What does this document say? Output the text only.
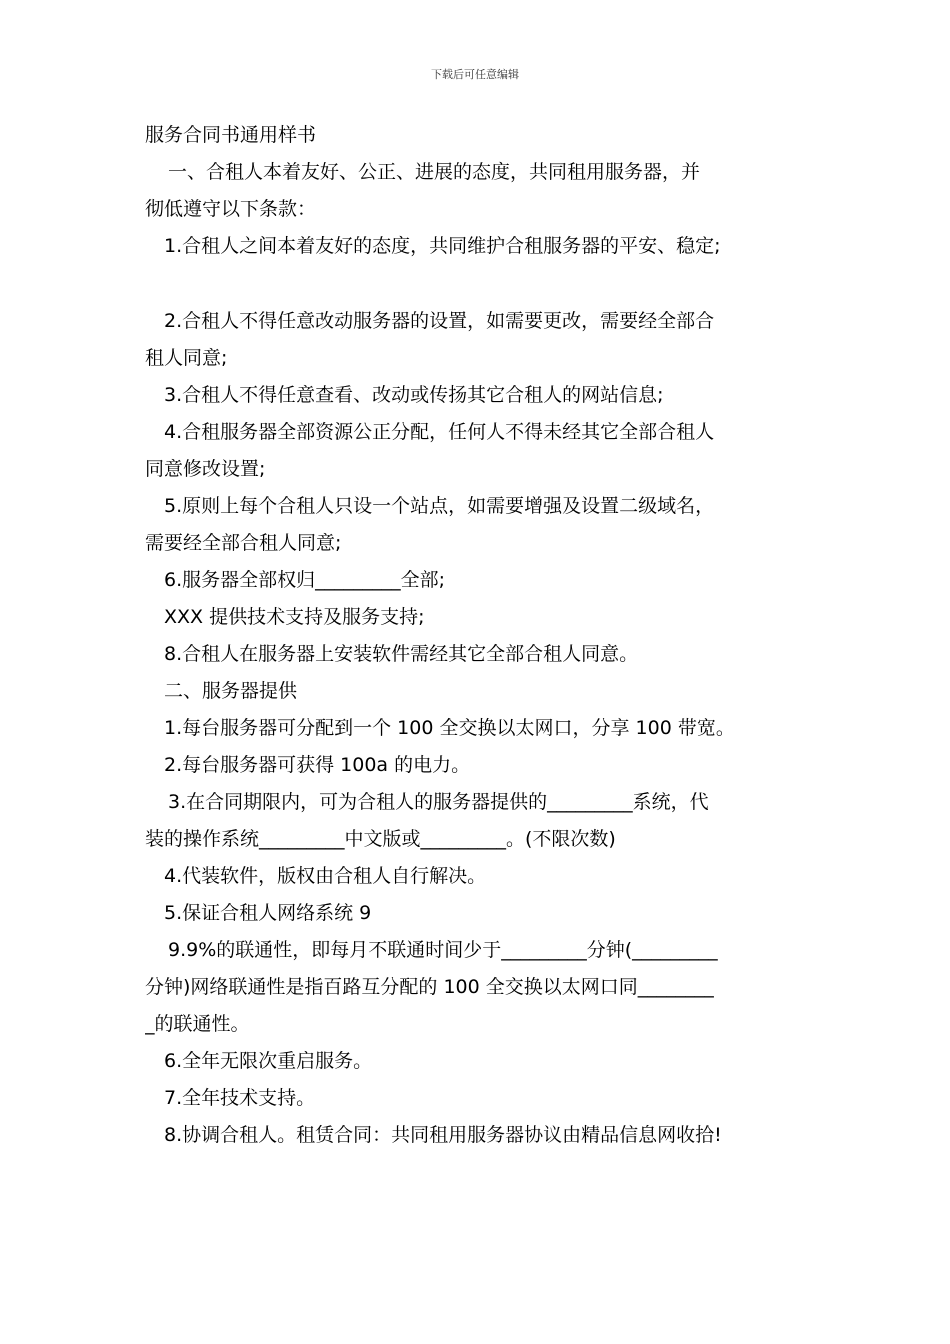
下载后可任意编辑
服务合同书通用样书
一、合租人本着友好、公正、进展的态度，共同租用服务器，并
彻低遵守以下条款：
1.合租人之间本着友好的态度，共同维护合租服务器的平安、稳定;
2.合租人不得任意改动服务器的设置，如需要更改，需要经全部合
租人同意;
3.合租人不得任意查看、改动或传扬其它合租人的网站信息;
4.合租服务器全部资源公正分配，任何人不得未经其它全部合租人
同意修改设置;
5.原则上每个合租人只设一个站点，如需要增强及设置二级域名，
需要经全部合租人同意;
6.服务器全部权归_________全部;
XXX 提供技术支持及服务支持;
8.合租人在服务器上安装软件需经其它全部合租人同意。
二、服务器提供
1.每台服务器可分配到一个 100 全交换以太网口，分享 100 带宽。
2.每台服务器可获得 100a 的电力。
3.在合同期限内，可为合租人的服务器提供的_________系统，代
装的操作系统_________中文版或_________。(不限次数)
4.代装软件，版权由合租人自行解决。
5.保证合租人网络系统 9
9.9%的联通性，即每月不联通时间少于_________分钟(_________
分钟)网络联通性是指百路互分配的 100 全交换以太网口同________
_的联通性。
6.全年无限次重启服务。
7.全年技术支持。
8.协调合租人。租赁合同：共同租用服务器协议由精品信息网收拾!
